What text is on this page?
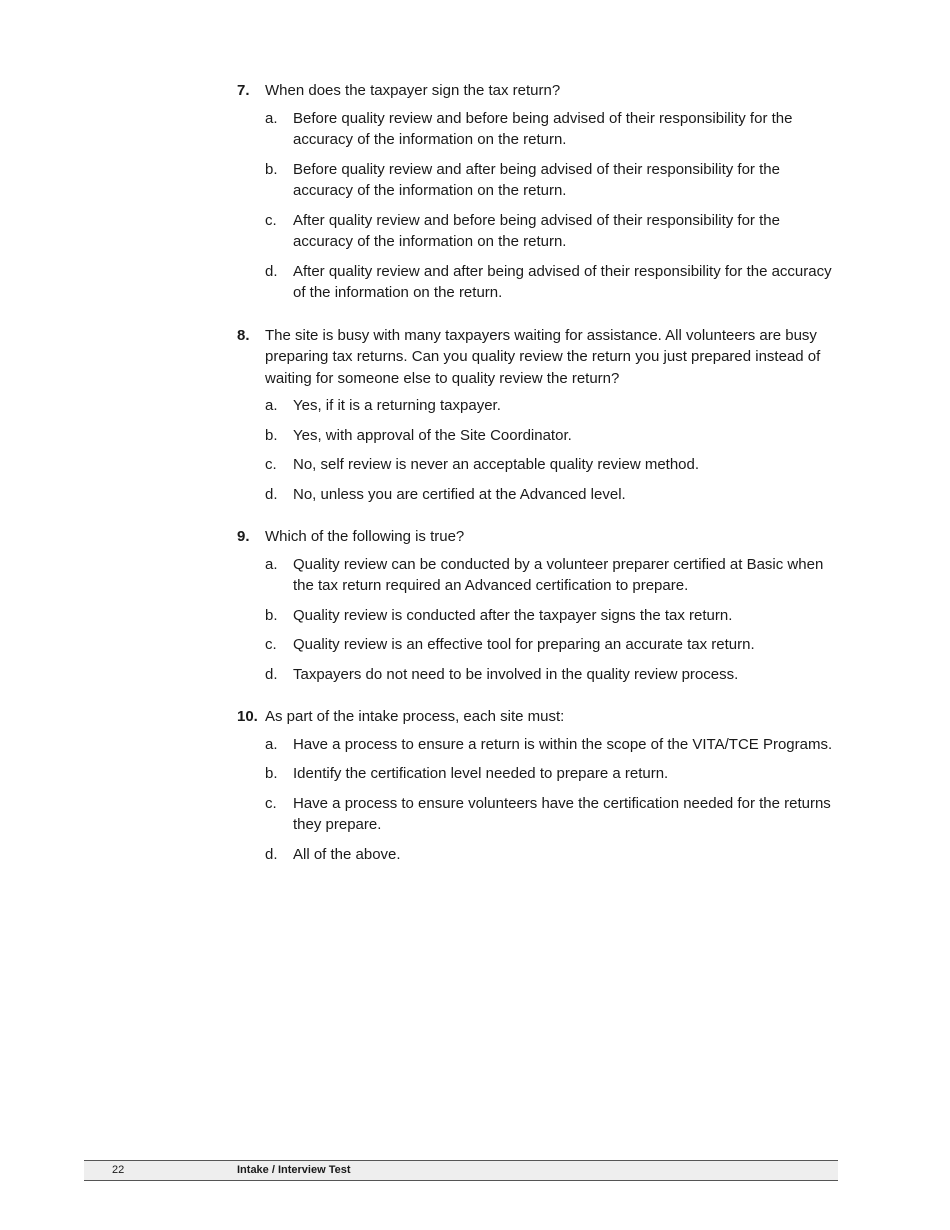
7.	When does the taxpayer sign the tax return?
a.	Before quality review and before being advised of their responsibility for the accuracy of the information on the return.
b.	Before quality review and after being advised of their responsibility for the accuracy of the information on the return.
c.	After quality review and before being advised of their responsibility for the accuracy of the information on the return.
d.	After quality review and after being advised of their responsibility for the accuracy of the information on the return.
8.	The site is busy with many taxpayers waiting for assistance. All volunteers are busy preparing tax returns. Can you quality review the return you just prepared instead of waiting for someone else to quality review the return?
a.	Yes, if it is a returning taxpayer.
b.	Yes, with approval of the Site Coordinator.
c.	No, self review is never an acceptable quality review method.
d.	No, unless you are certified at the Advanced level.
9.	Which of the following is true?
a.	Quality review can be conducted by a volunteer preparer certified at Basic when the tax return required an Advanced certification to prepare.
b.	Quality review is conducted after the taxpayer signs the tax return.
c.	Quality review is an effective tool for preparing an accurate tax return.
d.	Taxpayers do not need to be involved in the quality review process.
10. As part of the intake process, each site must:
a.	Have a process to ensure a return is within the scope of the VITA/TCE Programs.
b.	Identify the certification level needed to prepare a return.
c.	Have a process to ensure volunteers have the certification needed for the returns they prepare.
d.	All of the above.
22	Intake / Interview Test
